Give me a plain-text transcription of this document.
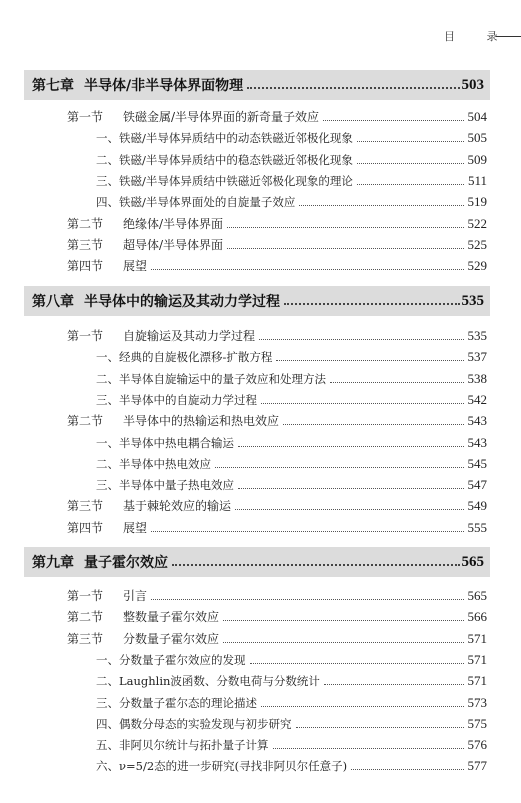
目 录
第七章 半导体/非半导体界面物理	503
第一节	铁磁金属/半导体界面的新奇量子效应	504
一、 铁磁/半导体异质结中的动态铁磁近邻极化现象	505
二、 铁磁/半导体异质结中的稳态铁磁近邻极化现象	509
三、 铁磁/半导体异质结中铁磁近邻极化现象的理论	511
四、 铁磁/半导体界面处的自旋量子效应	519
第二节	绝缘体/半导体界面	522
第三节	超导体/半导体界面	525
第四节	展望	529
第八章 半导体中的输运及其动力学过程	535
第一节	自旋输运及其动力学过程	535
一、 经典的自旋极化漂移-扩散方程	537
二、 半导体自旋输运中的量子效应和处理方法	538
三、 半导体中的自旋动力学过程	542
第二节	半导体中的热输运和热电效应	543
一、 半导体中热电耦合输运	543
二、 半导体中热电效应	545
三、 半导体中量子热电效应	547
第三节	基于棘轮效应的输运	549
第四节	展望	555
第九章 量子霍尔效应	565
第一节	引言	565
第二节	整数量子霍尔效应	566
第三节	分数量子霍尔效应	571
一、 分数量子霍尔效应的发现	571
二、 Laughlin波函数、分数电荷与分数统计	571
三、 分数量子霍尔态的理论描述	573
四、 偶数分母态的实验发现与初步研究	575
五、 非阿贝尔统计与拓扑量子计算	576
六、 ν=5/2态的进一步研究(寻找非阿贝尔任意子)	577
